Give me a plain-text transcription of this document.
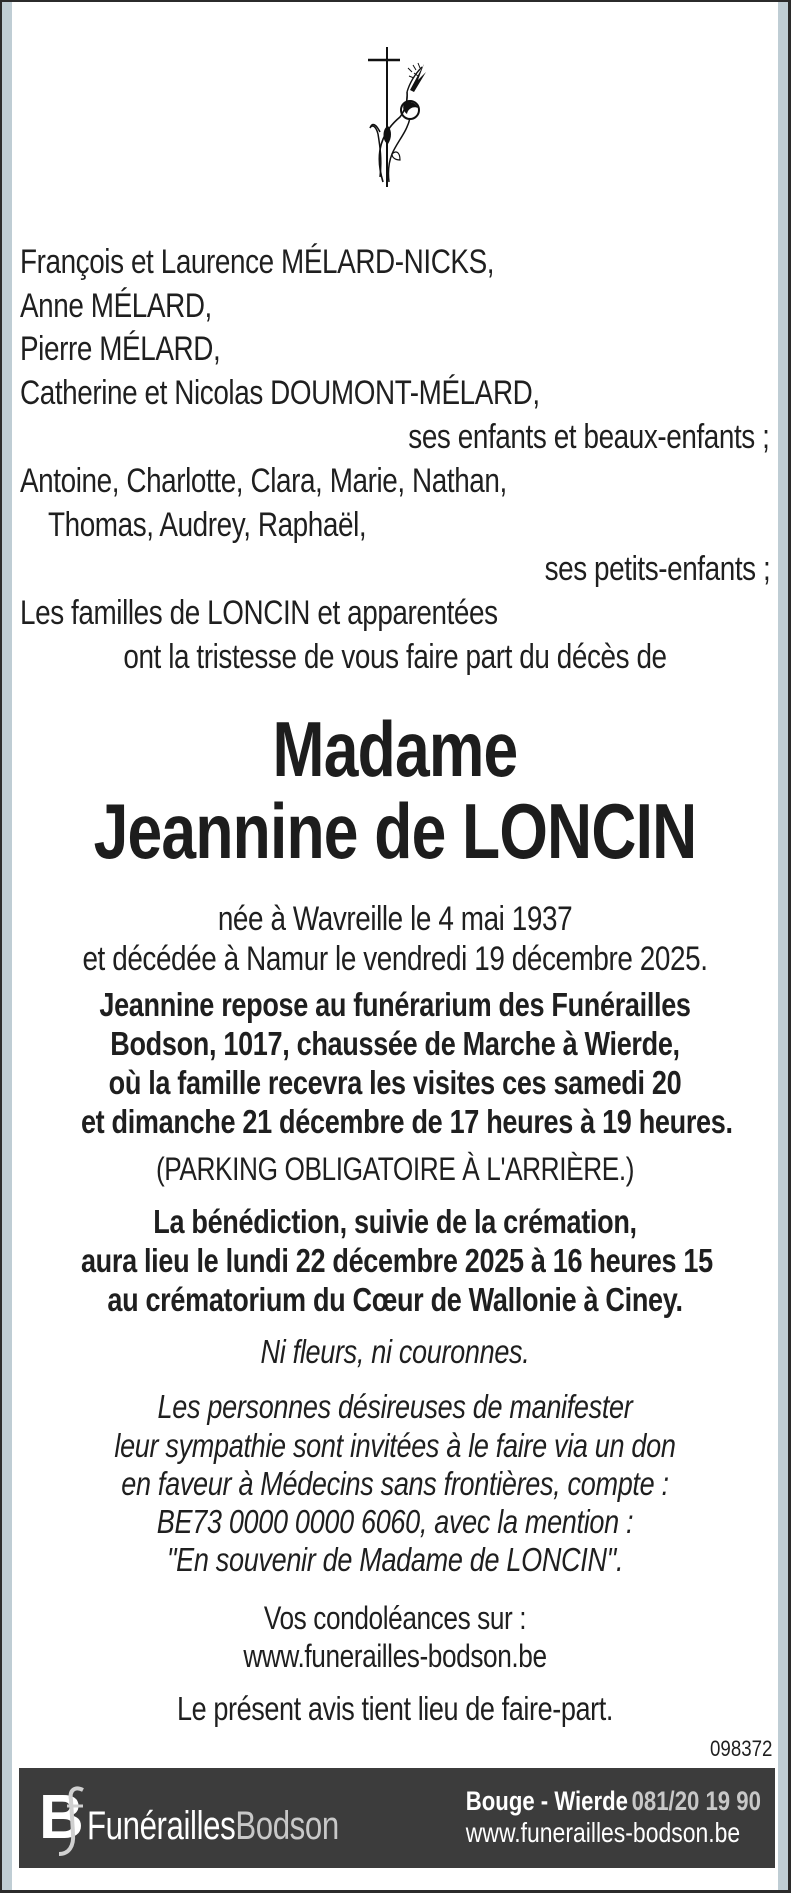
François et Laurence MÉLARD-NICKS,
Anne MÉLARD,
Pierre MÉLARD,
Catherine et Nicolas DOUMONT-MÉLARD,
ses enfants et beaux-enfants ;
Antoine, Charlotte, Clara, Marie, Nathan,
Thomas, Audrey, Raphaël,
ses petits-enfants ;
Les familles de LONCIN et apparentées
ont la tristesse de vous faire part du décès de
Madame
Jeannine de LONCIN
née à Wavreille le 4 mai 1937
et décédée à Namur le vendredi 19 décembre 2025.
Jeannine repose au funérarium des Funérailles
Bodson, 1017, chaussée de Marche à Wierde,
où la famille recevra les visites ces samedi 20
et dimanche 21 décembre de 17 heures à 19 heures.
(PARKING OBLIGATOIRE À L'ARRIÈRE.)
La bénédiction, suivie de la crémation,
aura lieu le lundi 22 décembre 2025 à 16 heures 15
au crématorium du Cœur de Wallonie à Ciney.
Ni fleurs, ni couronnes.
Les personnes désireuses de manifester
leur sympathie sont invitées à le faire via un don
en faveur à Médecins sans frontières, compte :
BE73 0000 0000 6060, avec la mention :
"En souvenir de Madame de LONCIN".
Vos condoléances sur :
www.funerailles-bodson.be
Le présent avis tient lieu de faire-part.
098372
B FunéraillesBodson
Bouge - Wierde 081/20 19 90
www.funerailles-bodson.be
